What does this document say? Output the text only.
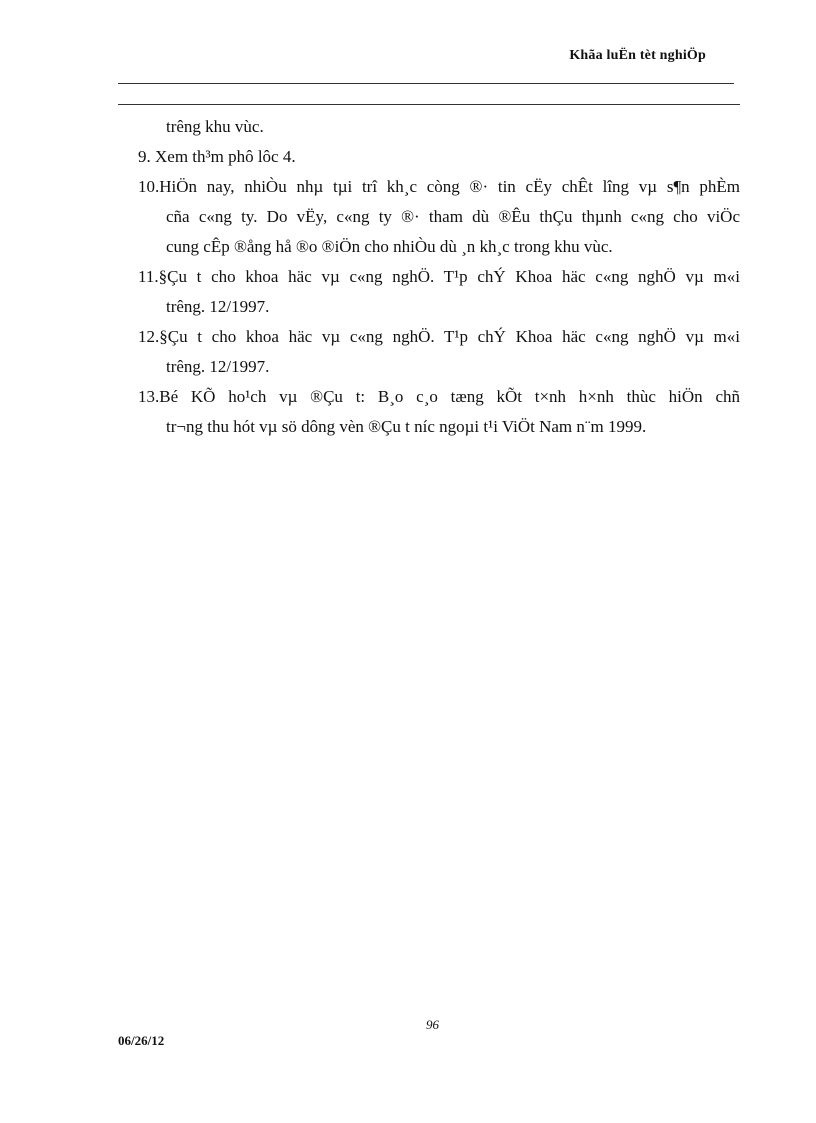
Khãa luËn tèt nghiÖp
trêng khu vùc.
9. Xem th³m phô lôc 4.
10.HiÖn nay, nhiÒu nhµ tµi trî kh¸c còng ®· tin cËy chÊt lîng vµ s¶n phÈm
cña c«ng ty. Do vËy, c«ng ty ®· tham dù ®Êu thÇu thµnh c«ng cho viÖc
cung cÊp ®ång hå ®o ®iÖn cho nhiÒu dù ¸n kh¸c trong khu vùc.
11.§Çu t cho khoa häc vµ c«ng nghÖ. T¹p chÝ Khoa häc c«ng nghÖ vµ m«i
trêng. 12/1997.
12.§Çu t cho khoa häc vµ c«ng nghÖ. T¹p chÝ Khoa häc c«ng nghÖ vµ m«i
trêng. 12/1997.
13.Bé KÕ ho¹ch vµ ®Çu t: B¸o c¸o tæng kÕt t×nh h×nh thùc hiÖn chñ
tr¬ng thu hót vµ sö dông vèn ®Çu t níc ngoµi t¹i ViÖt Nam n¨m 1999.
96
06/26/12
